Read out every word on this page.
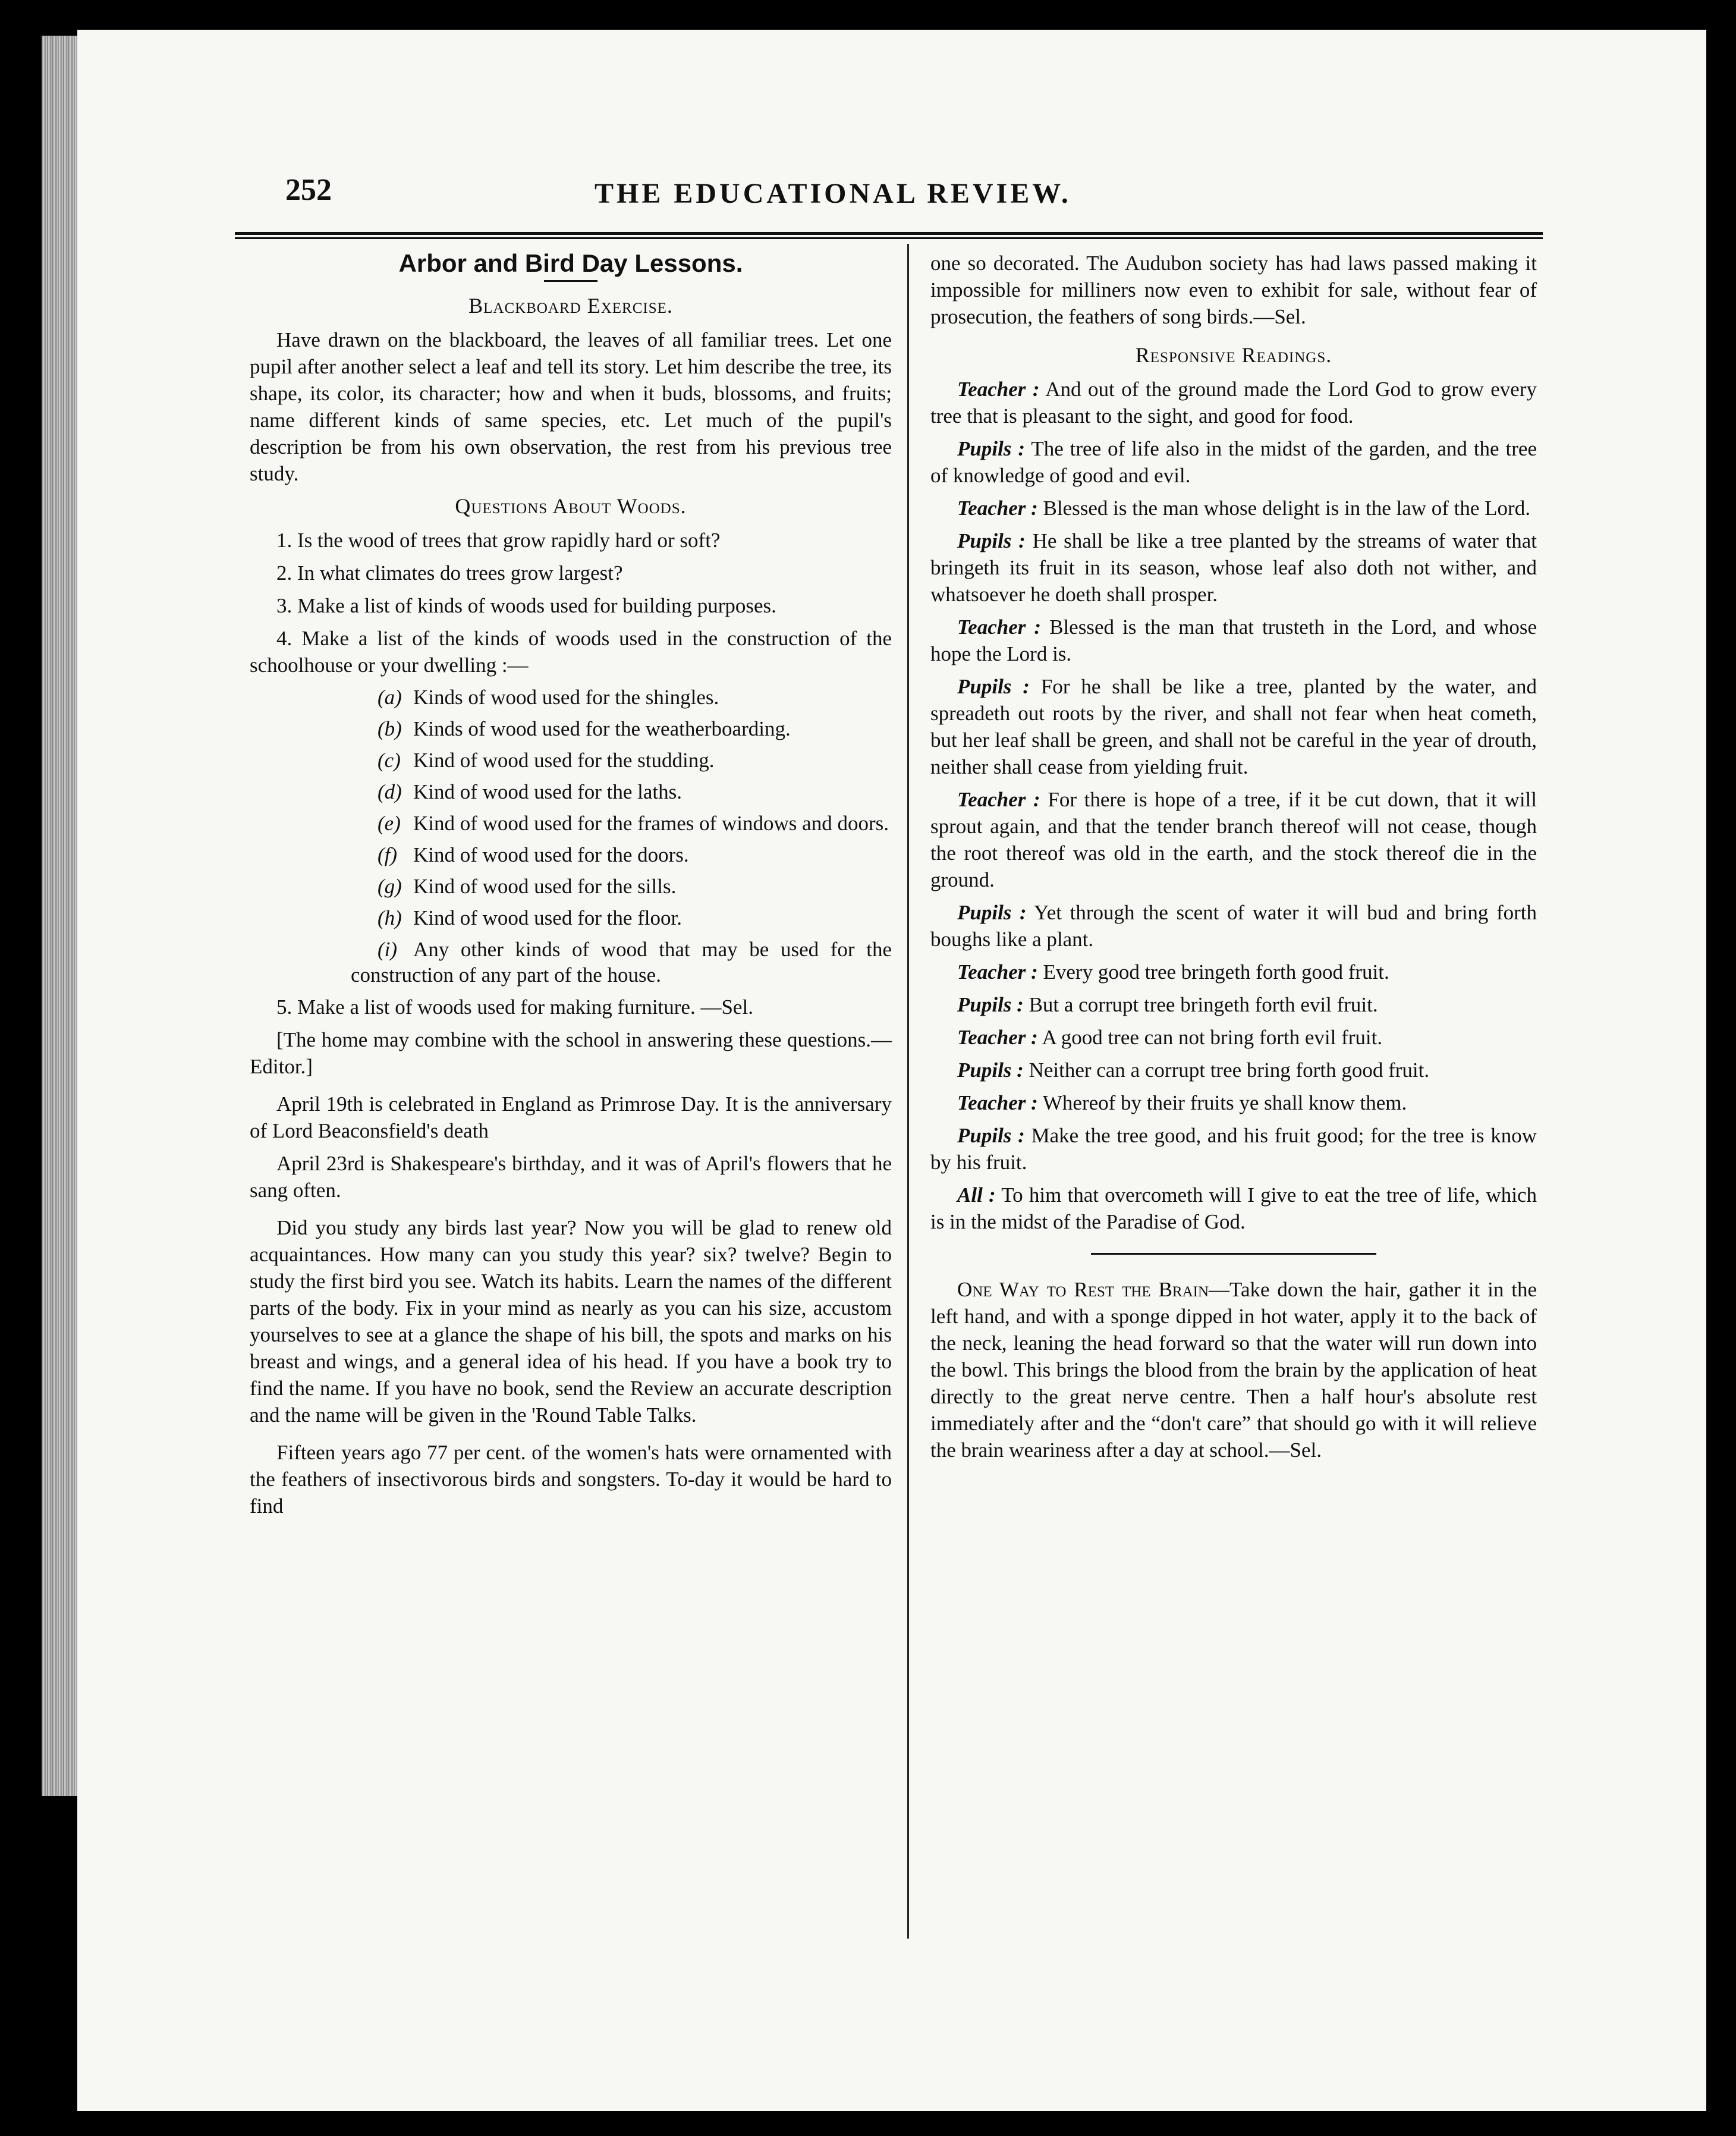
252	THE EDUCATIONAL REVIEW.
Arbor and Bird Day Lessons.
Blackboard Exercise.

Have drawn on the blackboard, the leaves of all familiar trees. Let one pupil after another select a leaf and tell its story. Let him describe the tree, its shape, its color, its character; how and when it buds, blossoms, and fruits; name different kinds of same species, etc. Let much of the pupil's description be from his own observation, the rest from his previous tree study.

Questions About Woods.

1. Is the wood of trees that grow rapidly hard or soft?

2. In what climates do trees grow largest?

3. Make a list of kinds of woods used for building purposes.

4. Make a list of the kinds of woods used in the construction of the schoolhouse or your dwelling :—

(a) Kinds of wood used for the shingles.

(b) Kinds of wood used for the weatherboarding.

(c) Kind of wood used for the studding.

(d) Kind of wood used for the laths.

(e) Kind of wood used for the frames of windows and doors.

(f) Kind of wood used for the doors.

(g) Kind of wood used for the sills.

(h) Kind of wood used for the floor.

(i) Any other kinds of wood that may be used for the construction of any part of the house.

5. Make a list of woods used for making furniture. —Sel.

[The home may combine with the school in answering these questions.—Editor.]

April 19th is celebrated in England as Primrose Day. It is the anniversary of Lord Beaconsfield's death

April 23rd is Shakespeare's birthday, and it was of April's flowers that he sang often.

Did you study any birds last year? Now you will be glad to renew old acquaintances. How many can you study this year? six? twelve? Begin to study the first bird you see. Watch its habits. Learn the names of the different parts of the body. Fix in your mind as nearly as you can his size, accustom yourselves to see at a glance the shape of his bill, the spots and marks on his breast and wings, and a general idea of his head. If you have a book try to find the name. If you have no book, send the Review an accurate description and the name will be given in the 'Round Table Talks.

Fifteen years ago 77 per cent. of the women's hats were ornamented with the feathers of insectivorous birds and songsters. To-day it would be hard to find

one so decorated. The Audubon society has had laws passed making it impossible for milliners now even to exhibit for sale, without fear of prosecution, the feathers of song birds.—Sel.

Responsive Readings.

Teacher : And out of the ground made the Lord God to grow every tree that is pleasant to the sight, and good for food.

Pupils : The tree of life also in the midst of the garden, and the tree of knowledge of good and evil.

Teacher : Blessed is the man whose delight is in the law of the Lord.

Pupils : He shall be like a tree planted by the streams of water that bringeth its fruit in its season, whose leaf also doth not wither, and whatsoever he doeth shall prosper.

Teacher : Blessed is the man that trusteth in the Lord, and whose hope the Lord is.

Pupils : For he shall be like a tree, planted by the water, and spreadeth out roots by the river, and shall not fear when heat cometh, but her leaf shall be green, and shall not be careful in the year of drouth, neither shall cease from yielding fruit.

Teacher : For there is hope of a tree, if it be cut down, that it will sprout again, and that the tender branch thereof will not cease, though the root thereof was old in the earth, and the stock thereof die in the ground.

Pupils : Yet through the scent of water it will bud and bring forth boughs like a plant.

Teacher : Every good tree bringeth forth good fruit.

Pupils : But a corrupt tree bringeth forth evil fruit.

Teacher : A good tree can not bring forth evil fruit.

Pupils : Neither can a corrupt tree bring forth good fruit.

Teacher : Whereof by their fruits ye shall know them.

Pupils : Make the tree good, and his fruit good; for the tree is know by his fruit.

All : To him that overcometh will I give to eat the tree of life, which is in the midst of the Paradise of God.

One Way to Rest the Brain—Take down the hair, gather it in the left hand, and with a sponge dipped in hot water, apply it to the back of the neck, leaning the head forward so that the water will run down into the bowl. This brings the blood from the brain by the application of heat directly to the great nerve centre. Then a half hour's absolute rest immediately after and the “don't care” that should go with it will relieve the brain weariness after a day at school.—Sel.
